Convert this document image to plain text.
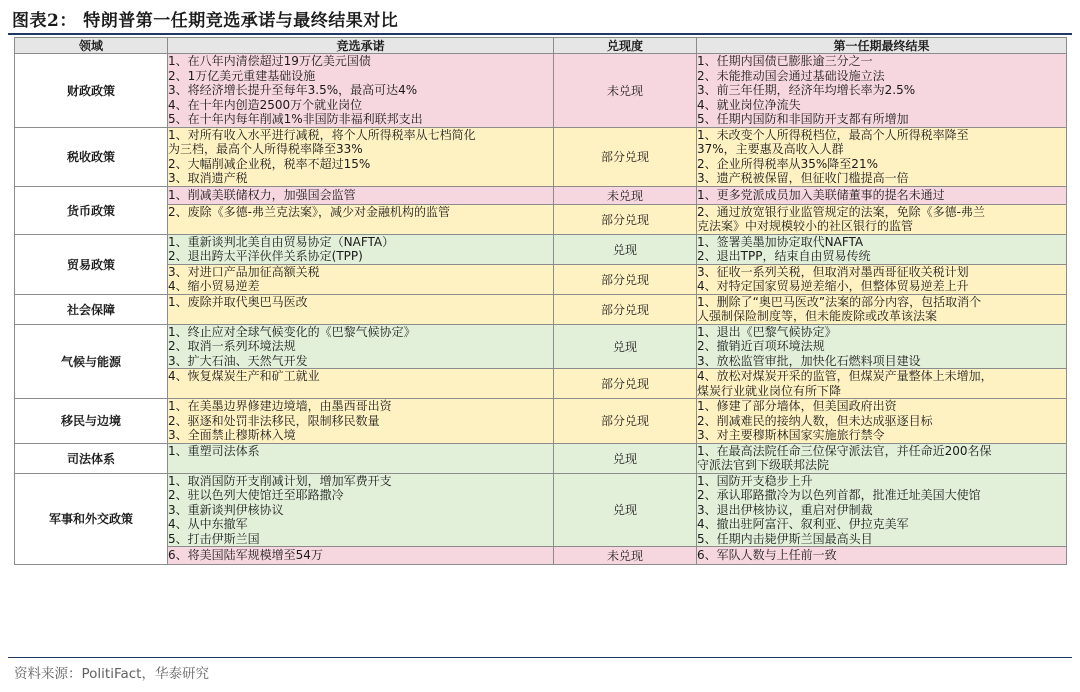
图表2： 特朗普第一任期竞选承诺与最终结果对比
领域	竞选承诺	兑现度	第一任期最终结果
财政政策	1、在八年内清偿超过19万亿美元国债
2、1万亿美元重建基础设施
3、将经济增长提升至每年3.5%，最高可达4%
4、在十年内创造2500万个就业岗位
5、在十年内每年削减1%非国防非福利联邦支出	未兑现	1、任期内国债已膨胀逾三分之一
2、未能推动国会通过基础设施立法
3、前三年任期，经济年均增长率为2.5%
4、就业岗位净流失
5、任期内国防和非国防开支都有所增加

税收政策	1、对所有收入水平进行减税，将个人所得税率从七档简化
为三档，最高个人所得税率降至33%
2、大幅削减企业税，税率不超过15%
3、取消遗产税	部分兑现	1、未改变个人所得税档位，最高个人所得税率降至
37%，主要惠及高收入人群
2、企业所得税率从35%降至21%
3、遗产税被保留，但征收门槛提高一倍

货币政策	1、削减美联储权力，加强国会监管	未兑现	1、更多党派成员加入美联储董事的提名未通过

	2、废除《多德-弗兰克法案》，减少对金融机构的监管	部分兑现	2、通过放宽银行业监管规定的法案，免除《多德-弗兰
克法案》中对规模较小的社区银行的监管

贸易政策	1、重新谈判北美自由贸易协定（NAFTA）
2、退出跨太平洋伙伴关系协定(TPP)	兑现	1、签署美墨加协定取代NAFTA
2、退出TPP，结束自由贸易传统

	3、对进口产品加征高额关税
4、缩小贸易逆差	部分兑现	3、征收一系列关税，但取消对墨西哥征收关税计划
4、对特定国家贸易逆差缩小，但整体贸易逆差上升

社会保障	1、废除并取代奥巴马医改	部分兑现	1、删除了“奥巴马医改”法案的部分内容，包括取消个
人强制保险制度等，但未能废除或改革该法案

气候与能源	1、终止应对全球气候变化的《巴黎气候协定》
2、取消一系列环境法规
3、扩大石油、天然气开发	兑现	1、退出《巴黎气候协定》
2、撤销近百项环境法规
3、放松监管审批，加快化石燃料项目建设

	4、恢复煤炭生产和矿工就业	部分兑现	4、放松对煤炭开采的监管，但煤炭产量整体上未增加，
煤炭行业就业岗位有所下降

移民与边境	1、在美墨边界修建边境墙，由墨西哥出资
2、驱逐和处罚非法移民，限制移民数量
3、全面禁止穆斯林入境	部分兑现	1、修建了部分墙体，但美国政府出资
2、削减难民的接纳人数，但未达成驱逐目标
3、对主要穆斯林国家实施旅行禁令

司法体系	1、重塑司法体系	兑现	1、在最高法院任命三位保守派法官，并任命近200名保
守派法官到下级联邦法院

军事和外交政策	1、取消国防开支削减计划，增加军费开支
2、驻以色列大使馆迁至耶路撒冷
3、重新谈判伊核协议
4、从中东撤军
5、打击伊斯兰国	兑现	1、国防开支稳步上升
2、承认耶路撒冷为以色列首都，批准迁址美国大使馆
3、退出伊核协议，重启对伊制裁
4、撤出驻阿富汗、叙利亚、伊拉克美军
5、任期内击毙伊斯兰国最高头目

	6、将美国陆军规模增至54万	未兑现	6、军队人数与上任前一致
资料来源：PolitiFact，华泰研究
